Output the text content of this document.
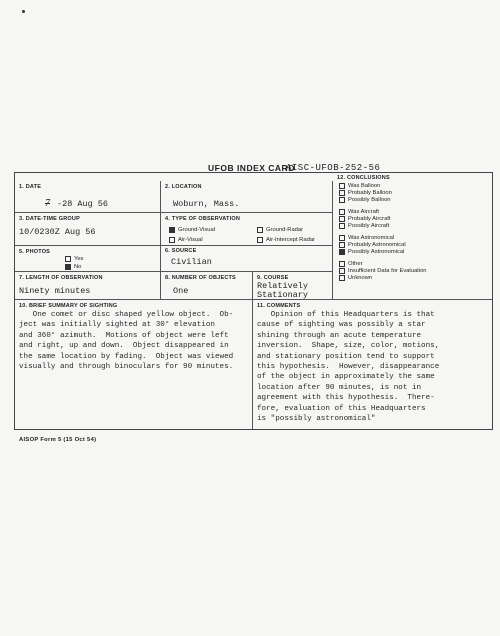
UFOB INDEX CARD
AISC-UFOB-252-56
1. DATE
7 -28 Aug 56
2. LOCATION
Woburn, Mass.
3. DATE-TIME GROUP
10/0230Z Aug 56
4. TYPE OF OBSERVATION
Ground-Visual	Ground-Radar
Air-Visual	Air-Intercept Radar
5. PHOTOS
Yes
No
6. SOURCE
Civilian
7. LENGTH OF OBSERVATION
Ninety minutes
8. NUMBER OF OBJECTS
One
9. COURSE
Relatively
Stationary
12. CONCLUSIONS
Was Balloon
Probably Balloon
Possibly Balloon
Was Aircraft
Probably Aircraft
Possibly Aircraft
Was Astronomical
Probably Astronomical
Possibly Astronomical
Other
Insufficient Data for Evaluation
Unknown
10. BRIEF SUMMARY OF SIGHTING
One comet or disc shaped yellow object.  Ob-
ject was initially sighted at 30° elevation
and 360° azimuth.  Motions of object were left
and right, up and down.  Object disappeared in
the same location by fading.  Object was viewed
visually and through binoculars for 90 minutes.
11. COMMENTS
Opinion of this Headquarters is that
cause of sighting was possibly a star
shining through an acute temperature
inversion.  Shape, size, color, motions,
and stationary position tend to support
this hypothesis.  However, disappearance
of the object in approximately the same
location after 90 minutes, is not in
agreement with this hypothesis.  There-
fore, evaluation of this Headquarters
is "possibly astronomical"
AISOP Form 5 (15 Oct 54)
